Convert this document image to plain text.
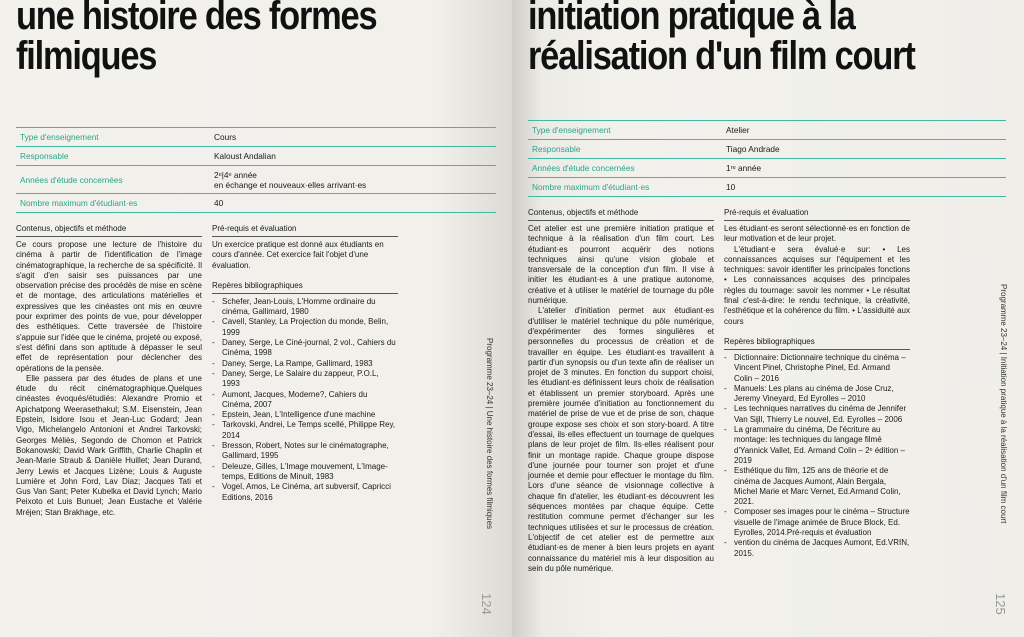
une histoire des formes
filmiques
Type d'enseignement	Cours
Responsable	Kaloust Andalian
Années d'étude concernées	2ᵉ|4ᵉ année
en échange et nouveaux·elles arrivant·es
Nombre maximum d'étudiant·es	40
Contenus, objectifs et méthode

Ce cours propose une lecture de l'histoire du cinéma à partir de l'identification de l'image cinématographique, la recherche de sa spécificité. Il s'agit d'en saisir ses puissances par une observation précise des procédés de mise en scène et de montage, des articulations matérielles et expressives que les cinéastes ont mis en œuvre pour exprimer des points de vue, pour développer des esthétiques. Cette traversée de l'histoire s'appuie sur l'idée que le cinéma, projeté ou exposé, s'est défini dans son aptitude à dépasser le seul effet de représentation pour déclencher des opérations de la pensée.

Elle passera par des études de plans et une étude du récit cinématographique.Quelques cinéastes évoqués/étudiés: Alexandre Promio et Apichatpong Weerasethakul; S.M. Eisenstein, Jean Epstein, Isidore Isou et Jean-Luc Godard; Jean Vigo, Michelangelo Antonioni et Andrei Tarkovski; Georges Méliès, Segondo de Chomon et Patrick Bokanowski; David Wark Griffith, Charlie Chaplin et Jean-Marie Straub & Danièle Huillet; Jean Durand, Jerry Lewis et Jacques Lizène; Louis & Auguste Lumière et John Ford, Lav Diaz; Jacques Tati et Gus Van Sant; Peter Kubelka et David Lynch; Mario Peixoto et Luis Bunuel; Jean Eustache et Valérie Mréjen; Stan Brakhage, etc.

Pré-requis et évaluation

Un exercice pratique est donné aux étudiants en cours d'année. Cet exercice fait l'objet d'une évaluation.

Repères bibliographiques
- Schefer, Jean-Louis, L'Homme ordinaire du cinéma, Gallimard, 1980
- Cavell, Stanley, La Projection du monde, Belin, 1999
- Daney, Serge, Le Ciné-journal, 2 vol., Cahiers du Cinéma, 1998
- Daney, Serge, La Rampe, Gallimard, 1983
- Daney, Serge, Le Salaire du zappeur, P.O.L, 1993
- Aumont, Jacques, Moderne?, Cahiers du Cinéma, 2007
- Epstein, Jean, L'Intelligence d'une machine
- Tarkovski, Andrei, Le Temps scellé, Philippe Rey, 2014
- Bresson, Robert, Notes sur le cinématographe, Gallimard, 1995
- Deleuze, Gilles, L'Image mouvement, L'Image-temps, Editions de Minuit, 1983
- Vogel, Amos, Le Cinéma, art subversif, Capricci Editions, 2016	Programme 23–24 | Une histoire des formes filmiques
124
initiation pratique à la
réalisation d'un film court
Type d'enseignement	Atelier
Responsable	Tiago Andrade
Années d'étude concernées	1ʳᵉ année
Nombre maximum d'étudiant·es	10
Contenus, objectifs et méthode

Cet atelier est une première initiation pratique et technique à la réalisation d'un film court. Les étudiant·es pourront acquérir des notions techniques ainsi qu'une vision globale et transversale de la conception d'un film. Il vise à initier les étudiant·es à une pratique autonome, créative et à utiliser le matériel de tournage du pôle numérique.

L'atelier d'initiation permet aux étudiant·es d'utiliser le matériel technique du pôle numérique, d'expérimenter des formes singulières et personnelles du processus de création et de travailler en équipe. Les étudiant·es travaillent à partir d'un synopsis ou d'un texte afin de réaliser un projet de 3 minutes. En fonction du support choisi, les étudiant·es définissent leurs choix de réalisation et établissent un premier storyboard. Après une première journée d'initiation au fonctionnement du matériel de prise de vue et de prise de son, chaque groupe expose ses choix et son story-board. A titre d'essai, ils·elles effectuent un tournage de quelques plans de leur projet de film. Ils·elles réalisent pour finir un montage rapide. Chaque groupe dispose d'une journée pour tourner son projet et d'une journée et demie pour effectuer le montage du film. Lors d'une séance de visionnage collective à chaque fin d'atelier, les étudiant·es découvrent les séquences montées par chaque équipe. Cette restitution commune permet d'échanger sur les techniques utilisées et sur le processus de création. L'objectif de cet atelier est de permettre aux étudiant·es de mener à bien leurs projets en ayant connaissance du matériel mis à leur disposition au sein du pôle numérique.

Pré-requis et évaluation

Les étudiant·es seront sélectionné·es en fonction de leur motivation et de leur projet.

L'étudiant·e sera évalué·e sur: • Les connaissances acquises sur l'équipement et les techniques: savoir identifier les principales fonctions • Les connaissances acquises des principales règles du tournage: savoir les nommer • Le résultat final c'est-à-dire: le rendu technique, la créativité, l'esthétique et la cohérence du film. • L'assiduité aux cours

Repères bibliographiques
- Dictionnaire: Dictionnaire technique du cinéma – Vincent Pinel, Christophe Pinel, Ed. Armand Colin – 2016
- Manuels: Les plans au cinéma de Jose Cruz, Jeremy Vineyard, Ed Eyrolles – 2010
- Les techniques narratives du cinéma de Jennifer Van Sijll, Thierry Le nouvel, Ed. Eyrolles – 2006
- La grammaire du cinéma, De l'écriture au montage: les techniques du langage filmé d'Yannick Vallet, Ed. Armand Colin – 2ᵉ édition – 2019
- Esthétique du film, 125 ans de théorie et de cinéma de Jacques Aumont, Alain Bergala, Michel Marie et Marc Vernet, Ed.Armand Colin, 2021.
- Composer ses images pour le cinéma – Structure visuelle de l'image animée de Bruce Block, Ed. Eyrolles, 2014.Pré-requis et évaluation
- vention du cinéma de Jacques Aumont, Ed.VRIN, 2015.
Programme 23–24 | Initiation pratique à la réalisation d'un film court
125
